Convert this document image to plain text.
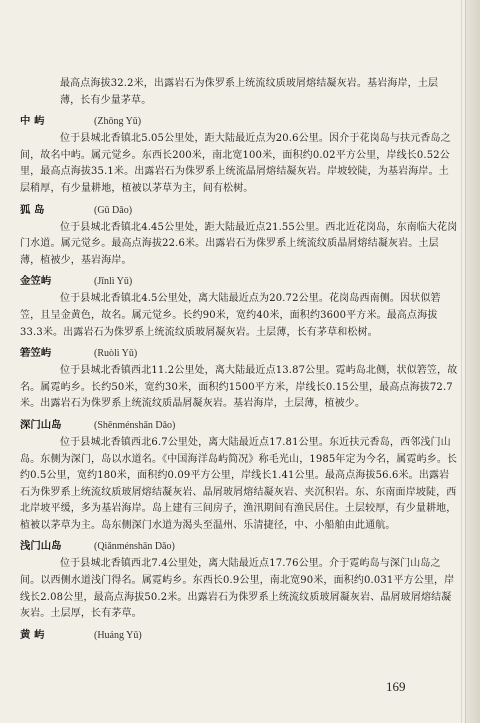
最高点海拔32.2米，出露岩石为侏罗系上统流纹质玻屑熔结凝灰岩。基岩海岸，土层薄，长有少量茅草。

中 屿	(Zhōng Yǔ)

位于县城北香镇北5.05公里处，距大陆最近点为20.6公里。因介于花岗岛与扶元香岛之间，故名中屿。属元觉乡。东西长200米，南北宽100米，面积约0.02平方公里，岸线长0.52公里，最高点海拔35.1米。出露岩石为侏罗系上统流晶屑熔结凝灰岩。岸坡较陡，为基岩海岸。土层稍厚，有少量耕地，植被以茅草为主，间有松树。

狐 岛	(Gū Dǎo)

位于县城北香镇北4.45公里处，距大陆最近点21.55公里。西北近花岗岛，东南临大花岗门水道。属元觉乡。最高点海拔22.6米。出露岩石为侏罗系上统流纹质晶屑熔结凝灰岩。土层薄，植被少，基岩海岸。

金笠屿	(Jīnlì Yǔ)

位于县城北香镇北4.5公里处，离大陆最近点为20.72公里。花岗岛西南侧。因状似箬笠，且呈金黄色，故名。属元觉乡。长约90米，宽约40米，面积约3600平方米。最高点海拔33.3米。出露岩石为侏罗系上统流纹质玻屑凝灰岩。土层薄，长有茅草和松树。

箬笠屿	(Ruòlì Yǔ)

位于县城北香镇西北11.2公里处，离大陆最近点13.87公里。霓屿岛北侧，状似箬笠，故名。属霓屿乡。长约50米，宽约30米，面积约1500平方米，岸线长0.15公里，最高点海拔72.7米。出露岩石为侏罗系上统流纹质晶屑凝灰岩。基岩海岸，土层薄，植被少。

深门山岛	(Shēnménshān Dǎo)

位于县城北香镇西北6.7公里处，离大陆最近点17.81公里。东近扶元香岛，西邻浅门山岛。东侧为深门，岛以水道名。《中国海洋岛屿简况》称毛光山，1985年定为今名，属霓屿乡。长约0.5公里，宽约180米，面积约0.09平方公里，岸线长1.41公里。最高点海拔56.6米。出露岩石为侏罗系上统流纹质玻屑熔结凝灰岩、晶屑玻屑熔结凝灰岩、夹沉积岩。东、东南面岸坡陡，西北岸坡平缓，多为基岩海岸。岛上建有三间房子，渔汛期间有渔民居住。土层较厚，有少量耕地，植被以茅草为主。岛东侧深门水道为渴头至温州、乐清捷径，中、小船舶由此通航。

浅门山岛	(Qiǎnménshān Dǎo)

位于县城北香镇西北7.4公里处，离大陆最近点17.76公里。介于霓屿岛与深门山岛之间。以西侧水道浅门得名。属霓屿乡。东西长0.9公里，南北宽90米，面积约0.031平方公里，岸线长2.08公里，最高点海拔50.2米。出露岩石为侏罗系上统流纹质玻屑凝灰岩、晶屑玻屑熔结凝灰岩。土层厚，长有茅草。

黄 屿	(Huáng Yǔ)
169
